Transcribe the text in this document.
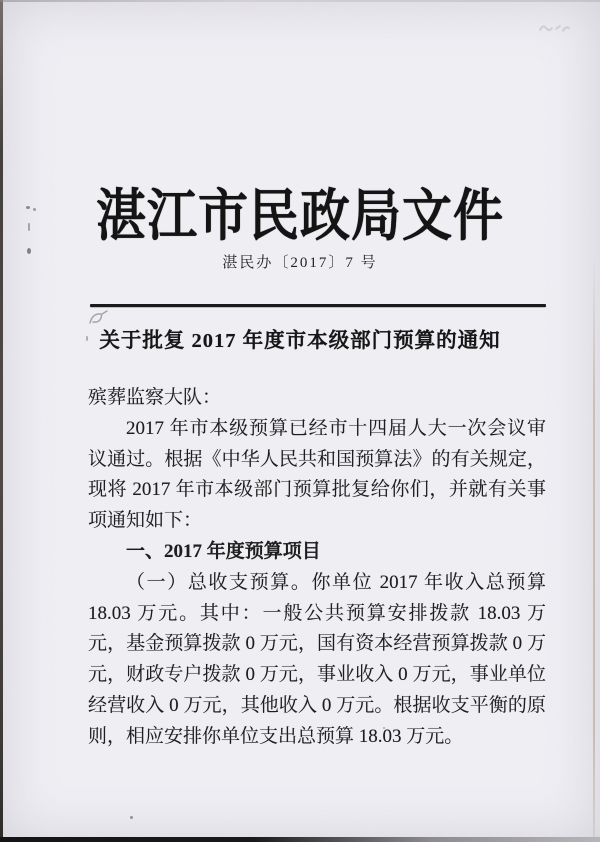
湛江市民政局文件
湛民办〔2017〕7 号
关于批复 2017 年度市本级部门预算的通知

殡葬监察大队：

2017 年市本级预算已经市十四届人大一次会议审议通过。根据《中华人民共和国预算法》的有关规定，现将 2017 年市本级部门预算批复给你们，并就有关事项通知如下：

一、2017 年度预算项目

（一）总收支预算。你单位 2017 年收入总预算 18.03 万元。其中：一般公共预算安排拨款 18.03 万元，基金预算拨款 0 万元，国有资本经营预算拨款 0 万元，财政专户拨款 0 万元，事业收入 0 万元，事业单位经营收入 0 万元，其他收入 0 万元。根据收支平衡的原则，相应安排你单位支出总预算 18.03 万元。
